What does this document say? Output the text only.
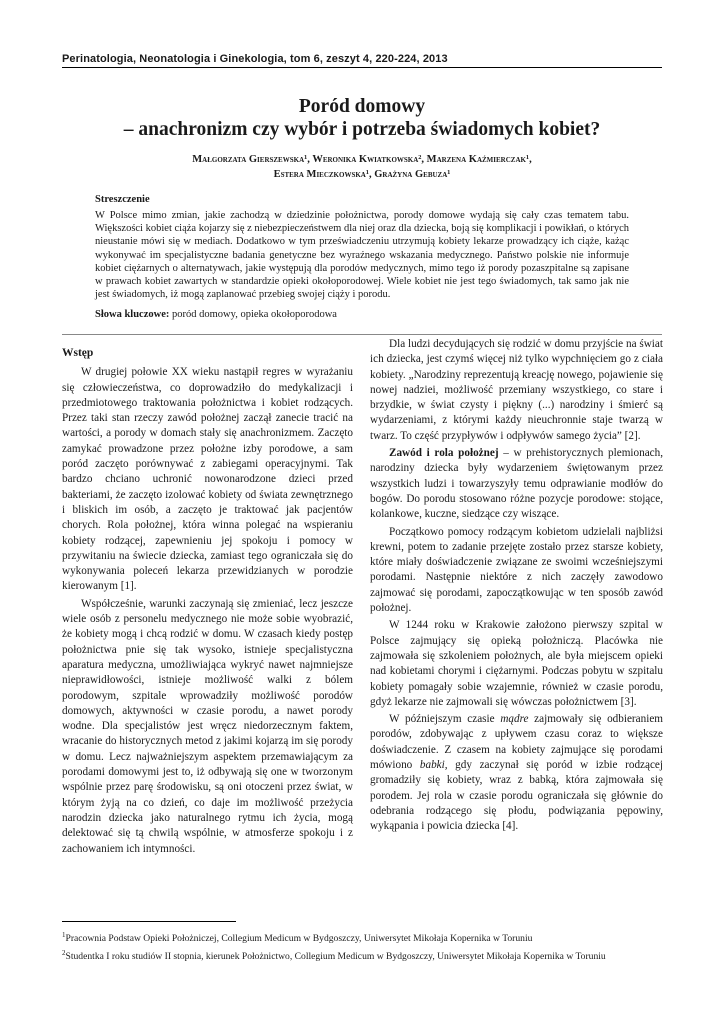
Perinatologia, Neonatologia i Ginekologia, tom 6, zeszyt 4, 220-224, 2013
Poród domowy
– anachronizm czy wybór i potrzeba świadomych kobiet?
Małgorzata Gierszewska¹, Weronika Kwiatkowska², Marzena Kaźmierczak¹,
Estera Mieczkowska¹, Grażyna Gebuza¹
Streszczenie
W Polsce mimo zmian, jakie zachodzą w dziedzinie położnictwa, porody domowe wydają się cały czas tematem tabu. Większości kobiet ciąża kojarzy się z niebezpieczeństwem dla niej oraz dla dziecka, boją się komplikacji i powikłań, o których nieustanie mówi się w mediach. Dodatkowo w tym przeświadczeniu utrzymują kobiety lekarze prowadzący ich ciąże, każąc wykonywać im specjalistyczne badania genetyczne bez wyraźnego wskazania medycznego. Państwo polskie nie informuje kobiet ciężarnych o alternatywach, jakie występują dla porodów medycznych, mimo tego iż porody pozaszpitalne są zapisane w prawach kobiet zawartych w standardzie opieki okołoporodowej. Wiele kobiet nie jest tego świadomych, tak samo jak nie jest świadomych, iż mogą zaplanować przebieg swojej ciąży i porodu.
Słowa kluczowe: poród domowy, opieka okołoporodowa

Wstęp

W drugiej połowie XX wieku nastąpił regres w wyrażaniu się człowieczeństwa, co doprowadziło do medykalizacji i przedmiotowego traktowania położnictwa i kobiet rodzących. Przez taki stan rzeczy zawód położnej zaczął zanecie tracić na wartości, a porody w domach stały się anachronizmem. Zaczęto zamykać prowadzone przez położne izby porodowe, a sam poród zaczęto porównywać z zabiegami operacyjnymi. Tak bardzo chciano uchronić nowonarodzone dzieci przed bakteriami, że zaczęto izolować kobiety od świata zewnętrznego i bliskich im osób, a zaczęto je traktować jak pacjentów chorych. Rola położnej, która winna polegać na wspieraniu kobiety rodzącej, zapewnieniu jej spokoju i pomocy w przywitaniu na świecie dziecka, zamiast tego ograniczała się do wykonywania poleceń lekarza przewidzianych w porodzie kierowanym [1].

Współcześnie, warunki zaczynają się zmieniać, lecz jeszcze wiele osób z personelu medycznego nie może sobie wyobrazić, że kobiety mogą i chcą rodzić w domu. W czasach kiedy postęp położnictwa pnie się tak wysoko, istnieje specjalistyczna aparatura medyczna, umożliwiająca wykryć nawet najmniejsze nieprawidłowości, istnieje możliwość walki z bólem porodowym, szpitale wprowadziły możliwość porodów domowych, aktywności w czasie porodu, a nawet porody wodne. Dla specjalistów jest wręcz niedorzecznym faktem, wracanie do historycznych metod z jakimi kojarzą im się porody w domu. Lecz najważniejszym aspektem przemawiającym za porodami domowymi jest to, iż odbywają się one w tworzonym wspólnie przez parę środowisku, są oni otoczeni przez świat, w którym żyją na co dzień, co daje im możliwość przeżycia narodzin dziecka jako naturalnego rytmu ich życia, mogą delektować się tą chwilą wspólnie, w atmosferze spokoju i z zachowaniem ich intymności.

Dla ludzi decydujących się rodzić w domu przyjście na świat ich dziecka, jest czymś więcej niż tylko wypchnięciem go z ciała kobiety. „Narodziny reprezentują kreację nowego, pojawienie się nowej nadziei, możliwość przemiany wszystkiego, co stare i brzydkie, w świat czysty i piękny (...) narodziny i śmierć są wydarzeniami, z którymi każdy nieuchronnie staje twarzą w twarz. To część przypływów i odpływów samego życia” [2].

Zawód i rola położnej – w prehistorycznych plemionach, narodziny dziecka były wydarzeniem świętowanym przez wszystkich ludzi i towarzyszyły temu odprawianie modłów do bogów. Do porodu stosowano różne pozycje porodowe: stojące, kolankowe, kuczne, siedzące czy wiszące.

Początkowo pomocy rodzącym kobietom udzielali najbliżsi krewni, potem to zadanie przejęte zostało przez starsze kobiety, które miały doświadczenie związane ze swoimi wcześniejszymi porodami. Następnie niektóre z nich zaczęły zawodowo zajmować się porodami, zapoczątkowując w ten sposób zawód położnej.

W 1244 roku w Krakowie założono pierwszy szpital w Polsce zajmujący się opieką położniczą. Placówka nie zajmowała się szkoleniem położnych, ale była miejscem opieki nad kobietami chorymi i ciężarnymi. Podczas pobytu w szpitalu kobiety pomagały sobie wzajemnie, również w czasie porodu, gdyż lekarze nie zajmowali się wówczas położnictwem [3].

W późniejszym czasie mądre zajmowały się odbieraniem porodów, zdobywając z upływem czasu coraz to większe doświadczenie. Z czasem na kobiety zajmujące się porodami mówiono babki, gdy zaczynał się poród w izbie rodzącej gromadziły się kobiety, wraz z babką, która zajmowała się porodem. Jej rola w czasie porodu ograniczała się głównie do odebrania rodzącego się płodu, podwiązania pępowiny, wykąpania i powicia dziecka [4].

$^1$Pracownia Podstaw Opieki Położniczej, Collegium Medicum w Bydgoszczy, Uniwersytet Mikołaja Kopernika w Toruniu
$^2$Studentka I roku studiów II stopnia, kierunek Położnictwo, Collegium Medicum w Bydgoszczy, Uniwersytet Mikołaja Kopernika w Toruniu
